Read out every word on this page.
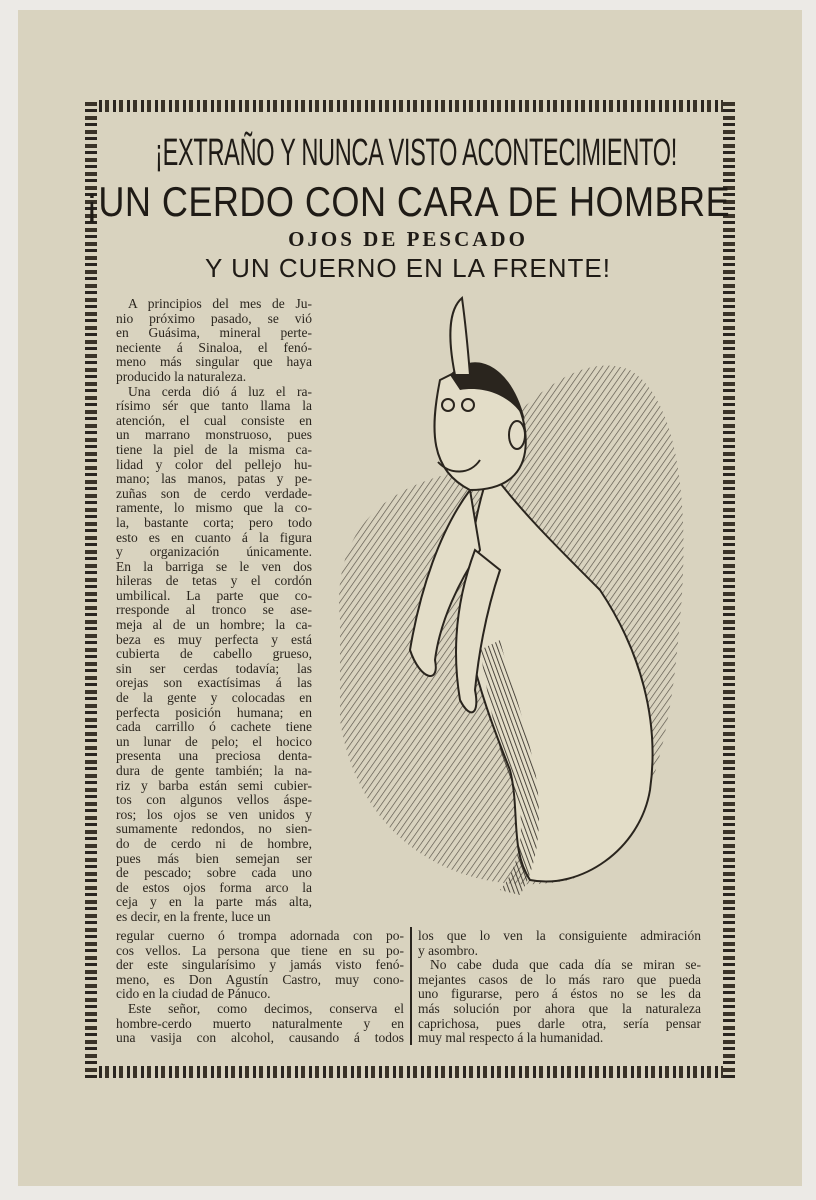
¡EXTRAÑO Y NUNCA VISTO ACONTECIMIENTO!
¡UN CERDO CON CARA DE HOMBRE
OJOS DE PESCADO
Y UN CUERNO EN LA FRENTE!
A principios del mes de Ju-
nio próximo pasado, se vió
en Guásima, mineral perte-
neciente á Sinaloa, el fenó-
meno más singular que haya
producido la naturaleza.
Una cerda dió á luz el ra-
rísimo sér que tanto llama la
atención, el cual consiste en
un marrano monstruoso, pues
tiene la piel de la misma ca-
lidad y color del pellejo hu-
mano; las manos, patas y pe-
zuñas son de cerdo verdade-
ramente, lo mismo que la co-
la, bastante corta; pero todo
esto es en cuanto á la figura
y organización únicamente.
En la barriga se le ven dos
hileras de tetas y el cordón
umbilical. La parte que co-
rresponde al tronco se ase-
meja al de un hombre; la ca-
beza es muy perfecta y está
cubierta de cabello grueso,
sin ser cerdas todavía; las
orejas son exactísimas á las
de la gente y colocadas en
perfecta posición humana; en
cada carrillo ó cachete tiene
un lunar de pelo; el hocico
presenta una preciosa denta-
dura de gente también; la na-
riz y barba están semi cubier-
tos con algunos vellos áspe-
ros; los ojos se ven unidos y
sumamente redondos, no sien-
do de cerdo ni de hombre,
pues más bien semejan ser
de pescado; sobre cada uno
de estos ojos forma arco la
ceja y en la parte más alta,
es decir, en la frente, luce un
regular cuerno ó trompa adornada con po-
cos vellos. La persona que tiene en su po-
der este singularísimo y jamás visto fenó-
meno, es Don Agustín Castro, muy cono-
cido en la ciudad de Pánuco.
Este señor, como decimos, conserva el
hombre-cerdo muerto naturalmente y en
una vasija con alcohol, causando á todos
los que lo ven la consiguiente admiración
y asombro.
No cabe duda que cada día se miran se-
mejantes casos de lo más raro que pueda
uno figurarse, pero á éstos no se les da
más solución por ahora que la naturaleza
caprichosa, pues darle otra, sería pensar
muy mal respecto á la humanidad.
